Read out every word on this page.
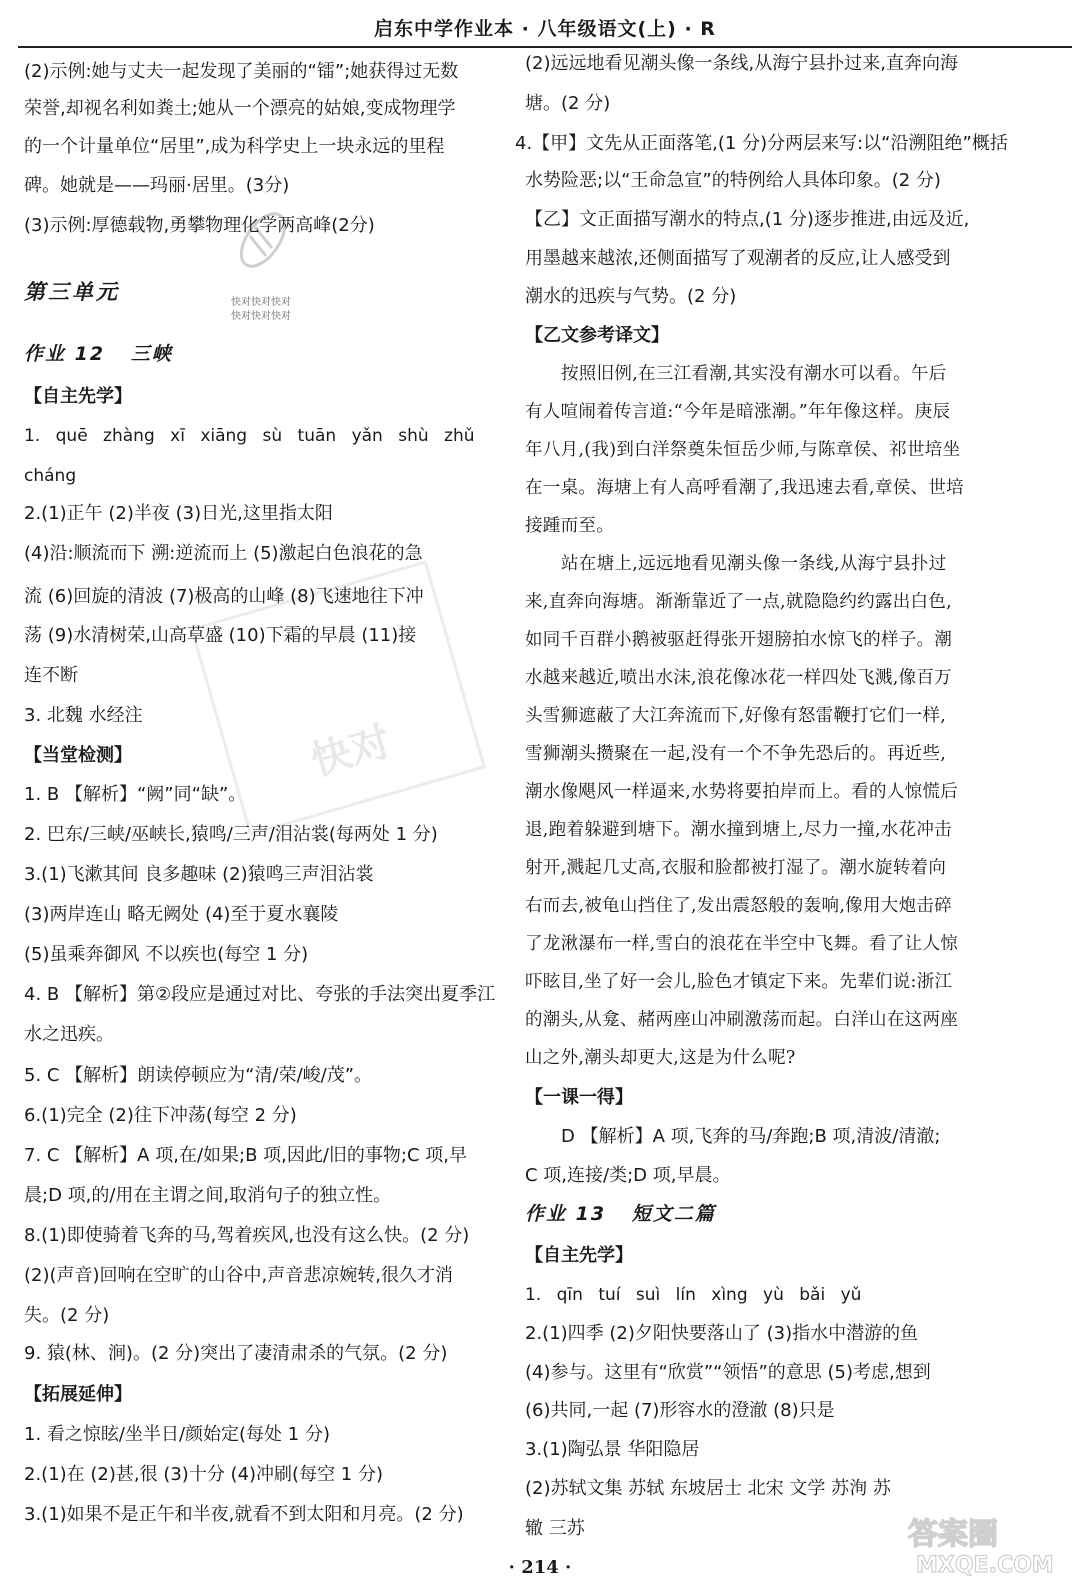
启东中学作业本 · 八年级语文(上) · R
快对快对快对
快对快对快对
快对
(2)示例:她与丈夫一起发现了美丽的“镭”;她获得过无数
荣誉,却视名利如粪土;她从一个漂亮的姑娘,变成物理学
的一个计量单位“居里”,成为科学史上一块永远的里程
碑。她就是——玛丽·居里。(3分)
(3)示例:厚德载物,勇攀物理化学两高峰(2分)
第三单元
作业 12 三峡
【自主先学】
1. quē zhàng xī xiāng sù tuān yǎn shù zhǔ
cháng
2.(1)正午 (2)半夜 (3)日光,这里指太阳
(4)沿:顺流而下 溯:逆流而上 (5)激起白色浪花的急
流 (6)回旋的清波 (7)极高的山峰 (8)飞速地往下冲
荡 (9)水清树荣,山高草盛 (10)下霜的早晨 (11)接
连不断
3. 北魏 水经注
【当堂检测】
1. B 【解析】“阙”同“缺”。
2. 巴东/三峡/巫峡长,猿鸣/三声/泪沾裳(每两处 1 分)
3.(1)飞漱其间 良多趣味 (2)猿鸣三声泪沾裳
(3)两岸连山 略无阙处 (4)至于夏水襄陵
(5)虽乘奔御风 不以疾也(每空 1 分)
4. B 【解析】第②段应是通过对比、夸张的手法突出夏季江
水之迅疾。
5. C 【解析】朗读停顿应为“清/荣/峻/茂”。
6.(1)完全 (2)往下冲荡(每空 2 分)
7. C 【解析】A 项,在/如果;B 项,因此/旧的事物;C 项,早
晨;D 项,的/用在主谓之间,取消句子的独立性。
8.(1)即使骑着飞奔的马,驾着疾风,也没有这么快。(2 分)
(2)(声音)回响在空旷的山谷中,声音悲凉婉转,很久才消
失。(2 分)
9. 猿(林、涧)。(2 分)突出了凄清肃杀的气氛。(2 分)
【拓展延伸】
1. 看之惊眩/坐半日/颜始定(每处 1 分)
2.(1)在 (2)甚,很 (3)十分 (4)冲刷(每空 1 分)
3.(1)如果不是正午和半夜,就看不到太阳和月亮。(2 分)
(2)远远地看见潮头像一条线,从海宁县扑过来,直奔向海
塘。(2 分)
4.【甲】文先从正面落笔,(1 分)分两层来写:以“沿溯阻绝”概括
水势险恶;以“王命急宣”的特例给人具体印象。(2 分)
【乙】文正面描写潮水的特点,(1 分)逐步推进,由远及近,
用墨越来越浓,还侧面描写了观潮者的反应,让人感受到
潮水的迅疾与气势。(2 分)
【乙文参考译文】
按照旧例,在三江看潮,其实没有潮水可以看。午后
有人喧闹着传言道:“今年是暗涨潮。”年年像这样。庚辰
年八月,(我)到白洋祭奠朱恒岳少师,与陈章侯、祁世培坐
在一桌。海塘上有人高呼看潮了,我迅速去看,章侯、世培
接踵而至。
站在塘上,远远地看见潮头像一条线,从海宁县扑过
来,直奔向海塘。渐渐靠近了一点,就隐隐约约露出白色,
如同千百群小鹅被驱赶得张开翅膀拍水惊飞的样子。潮
水越来越近,喷出水沫,浪花像冰花一样四处飞溅,像百万
头雪狮遮蔽了大江奔流而下,好像有怒雷鞭打它们一样,
雪狮潮头攒聚在一起,没有一个不争先恐后的。再近些,
潮水像飓风一样逼来,水势将要拍岸而上。看的人惊慌后
退,跑着躲避到塘下。潮水撞到塘上,尽力一撞,水花冲击
射开,溅起几丈高,衣服和脸都被打湿了。潮水旋转着向
右而去,被龟山挡住了,发出震怒般的轰响,像用大炮击碎
了龙湫瀑布一样,雪白的浪花在半空中飞舞。看了让人惊
吓眩目,坐了好一会儿,脸色才镇定下来。先辈们说:浙江
的潮头,从龛、赭两座山冲刷激荡而起。白洋山在这两座
山之外,潮头却更大,这是为什么呢?
【一课一得】
D 【解析】A 项,飞奔的马/奔跑;B 项,清波/清澈;
C 项,连接/类;D 项,早晨。
作业 13 短文二篇
【自主先学】
1. qīn tuí suì lín xìng yù bǎi yǔ
2.(1)四季 (2)夕阳快要落山了 (3)指水中潜游的鱼
(4)参与。这里有“欣赏”“领悟”的意思 (5)考虑,想到
(6)共同,一起 (7)形容水的澄澈 (8)只是
3.(1)陶弘景 华阳隐居
(2)苏轼文集 苏轼 东坡居士 北宋 文学 苏洵 苏
辙 三苏
· 214 ·
答案圈
MXQE.COM
